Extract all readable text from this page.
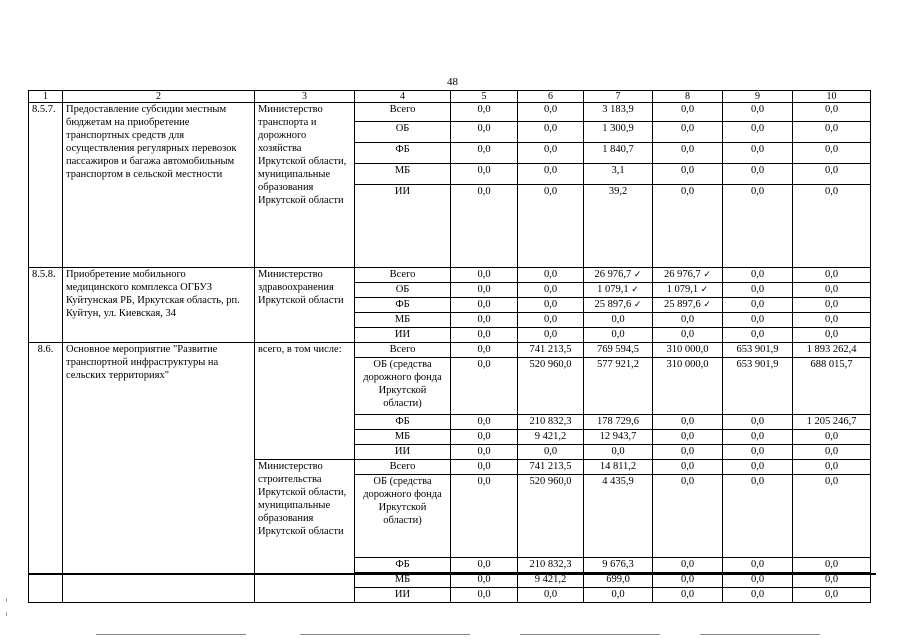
48
1	2	3	4	5	6	7	8	9	10
8.5.7.	Предоставление субсидии местным бюджетам на приобретение транспортных средств для осуществления регулярных перевозок пассажиров и багажа автомобильным транспортом в сельской местности	Министерство транспорта и дорожного хозяйства Иркутской области, муниципальные образования Иркутской области	Всего	0,0	0,0	3 183,9	0,0	0,0	0,0
			ОБ	0,0	0,0	1 300,9	0,0	0,0	0,0
			ФБ	0,0	0,0	1 840,7	0,0	0,0	0,0
			МБ	0,0	0,0	3,1	0,0	0,0	0,0
			ИИ	0,0	0,0	39,2	0,0	0,0	0,0
8.5.8.	Приобретение мобильного медицинского комплекса ОГБУЗ Куйтунская РБ, Иркутская область, рп. Куйтун, ул. Киевская, 34	Министерство здравоохранения Иркутской области	Всего	0,0	0,0	26 976,7 ✓	26 976,7 ✓	0,0	0,0
			ОБ	0,0	0,0	1 079,1 ✓	1 079,1 ✓	0,0	0,0
			ФБ	0,0	0,0	25 897,6 ✓	25 897,6 ✓	0,0	0,0
			МБ	0,0	0,0	0,0	0,0	0,0	0,0
			ИИ	0,0	0,0	0,0	0,0	0,0	0,0
8.6.	Основное мероприятие "Развитие транспортной инфраструктуры на сельских территориях"	всего, в том числе:	Всего	0,0	741 213,5	769 594,5	310 000,0	653 901,9	1 893 262,4
			ОБ (средства дорожного фонда Иркутской области)	0,0	520 960,0	577 921,2	310 000,0	653 901,9	688 015,7
			ФБ	0,0	210 832,3	178 729,6	0,0	0,0	1 205 246,7
			МБ	0,0	9 421,2	12 943,7	0,0	0,0	0,0
			ИИ	0,0	0,0	0,0	0,0	0,0	0,0
		Министерство строительства Иркутской области, муниципальные образования Иркутской области	Всего	0,0	741 213,5	14 811,2	0,0	0,0	0,0
			ОБ (средства дорожного фонда Иркутской области)	0,0	520 960,0	4 435,9	0,0	0,0	0,0
			ФБ	0,0	210 832,3	9 676,3	0,0	0,0	0,0
			МБ	0,0	9 421,2	699,0	0,0	0,0	0,0
			ИИ	0,0	0,0	0,0	0,0	0,0	0,0
